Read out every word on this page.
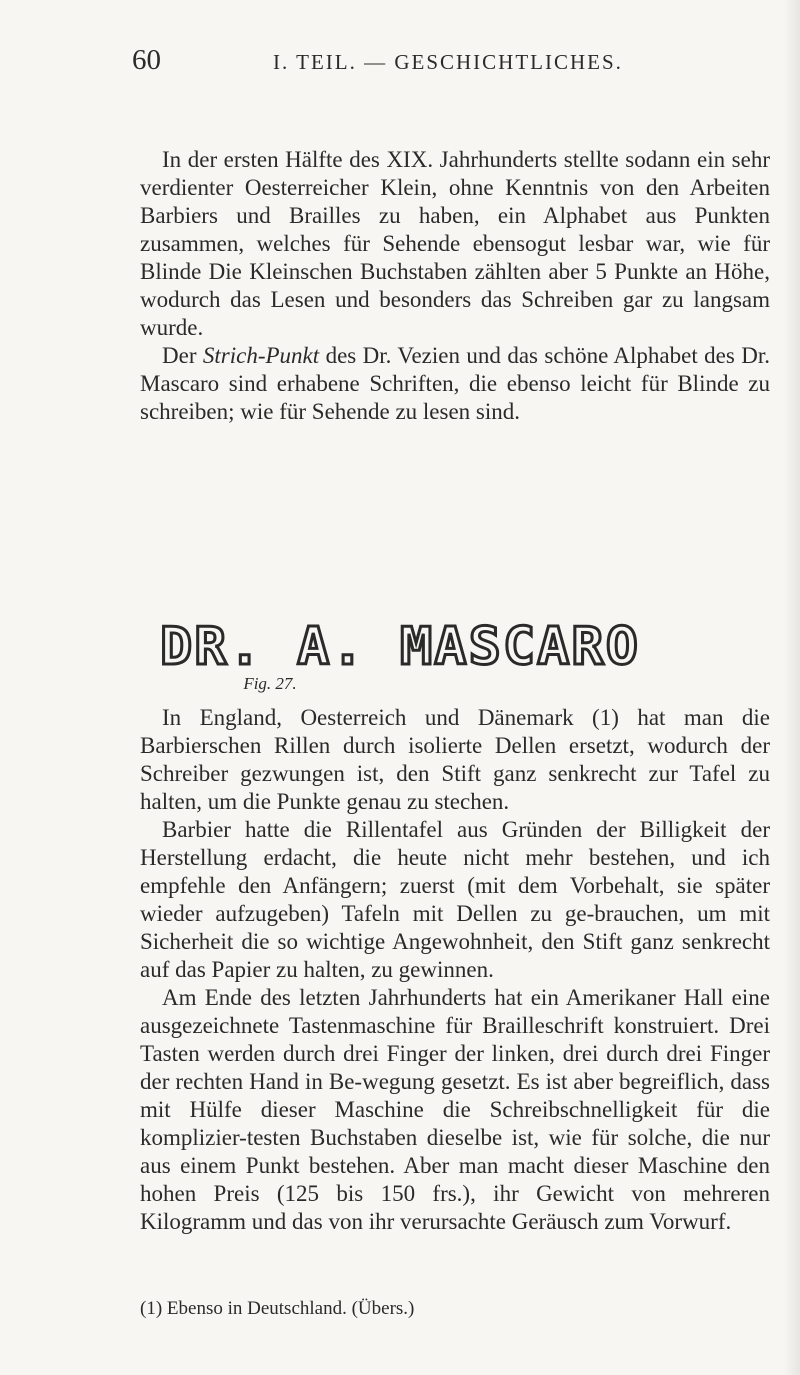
60	I. TEIL. — GESCHICHTLICHES.

In der ersten Hälfte des XIX. Jahrhunderts stellte sodann ein sehr verdienter Oesterreicher Klein, ohne Kenntnis von den Arbeiten Barbiers und Brailles zu haben, ein Alphabet aus Punkten zusammen, welches für Sehende ebensogut lesbar war, wie für Blinde Die Kleinschen Buchstaben zählten aber 5 Punkte an Höhe, wodurch das Lesen und besonders das Schreiben gar zu langsam wurde.

Der Strich-Punkt des Dr. Vezien und das schöne Alphabet des Dr. Mascaro sind erhabene Schriften, die ebenso leicht für Blinde zu schreiben; wie für Sehende zu lesen sind.

DR. A. MASCARO
Fig. 27.

In England, Oesterreich und Dänemark (1) hat man die Barbierschen Rillen durch isolierte Dellen ersetzt, wodurch der Schreiber gezwungen ist, den Stift ganz senkrecht zur Tafel zu halten, um die Punkte genau zu stechen.

Barbier hatte die Rillentafel aus Gründen der Billigkeit der Herstellung erdacht, die heute nicht mehr bestehen, und ich empfehle den Anfängern; zuerst (mit dem Vorbehalt, sie später wieder aufzugeben) Tafeln mit Dellen zu ge-brauchen, um mit Sicherheit die so wichtige Angewohnheit, den Stift ganz senkrecht auf das Papier zu halten, zu gewinnen.

Am Ende des letzten Jahrhunderts hat ein Amerikaner Hall eine ausgezeichnete Tastenmaschine für Brailleschrift konstruiert. Drei Tasten werden durch drei Finger der linken, drei durch drei Finger der rechten Hand in Be-wegung gesetzt. Es ist aber begreiflich, dass mit Hülfe dieser Maschine die Schreibschnelligkeit für die komplizier-testen Buchstaben dieselbe ist, wie für solche, die nur aus einem Punkt bestehen. Aber man macht dieser Maschine den hohen Preis (125 bis 150 frs.), ihr Gewicht von mehreren Kilogramm und das von ihr verursachte Geräusch zum Vorwurf.

(1) Ebenso in Deutschland. (Übers.)
